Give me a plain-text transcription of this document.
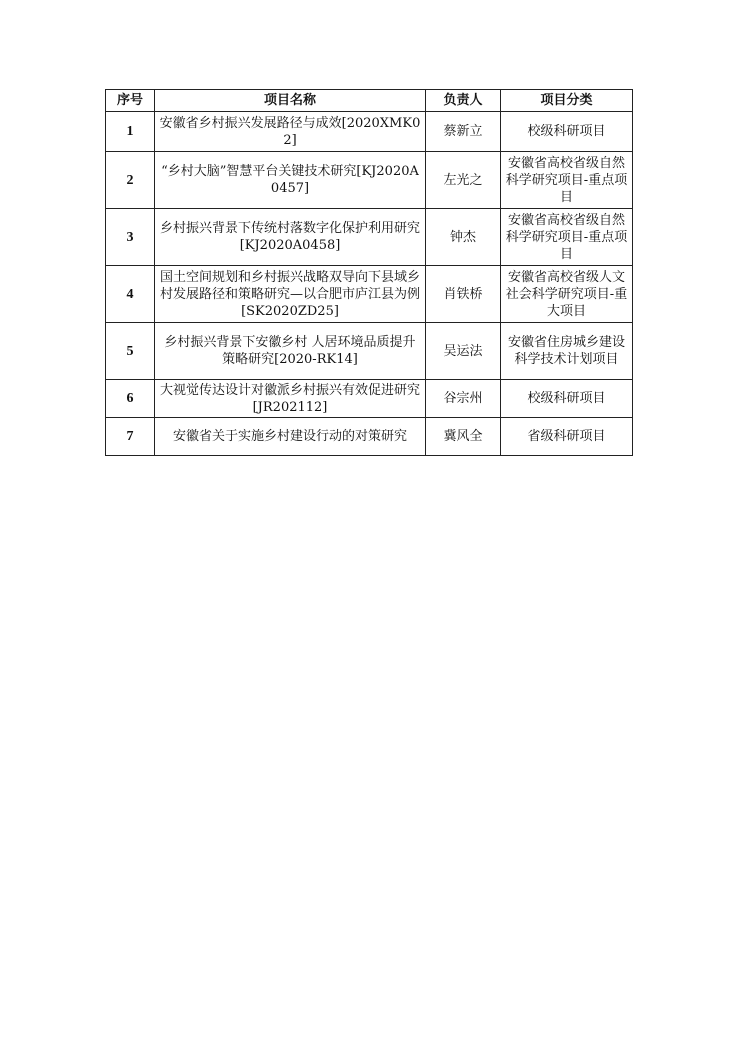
序号	项目名称	负责人	项目分类
1	安徽省乡村振兴发展路径与成效[2020XMK02]	蔡新立	校级科研项目
2	“乡村大脑”智慧平台关键技术研究[KJ2020A0457]	左光之	安徽省高校省级自然科学研究项目-重点项目
3	乡村振兴背景下传统村落数字化保护利用研究[KJ2020A0458]	钟杰	安徽省高校省级自然科学研究项目-重点项目
4	国土空间规划和乡村振兴战略双导向下县域乡村发展路径和策略研究—以合肥市庐江县为例[SK2020ZD25]	肖铁桥	安徽省高校省级人文社会科学研究项目-重大项目
5	乡村振兴背景下安徽乡村 人居环境品质提升策略研究[2020-RK14]	吴运法	安徽省住房城乡建设科学技术计划项目
6	大视觉传达设计对徽派乡村振兴有效促进研究[JR202112]	谷宗州	校级科研项目
7	安徽省关于实施乡村建设行动的对策研究	冀风全	省级科研项目
